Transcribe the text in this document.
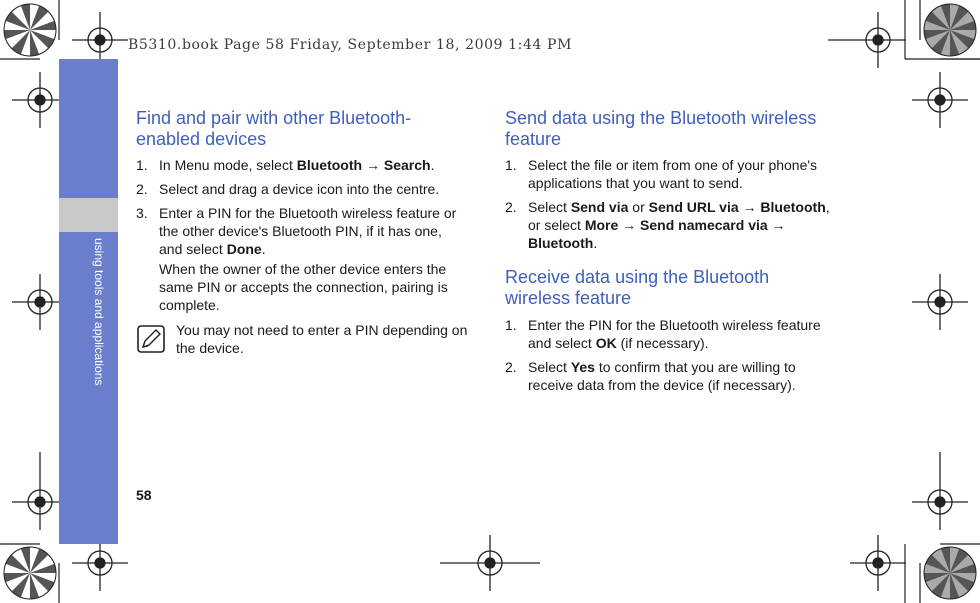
B5310.book Page 58 Friday, September 18, 2009 1:44 PM
using tools and applications
58
Find and pair with other Bluetooth-
enabled devices
1. In Menu mode, select Bluetooth → Search.
2. Select and drag a device icon into the centre.
3. Enter a PIN for the Bluetooth wireless feature or
the other device's Bluetooth PIN, if it has one,
and select Done.
When the owner of the other device enters the
same PIN or accepts the connection, pairing is
complete.
You may not need to enter a PIN depending on
the device.
Send data using the Bluetooth wireless
feature
1. Select the file or item from one of your phone's
applications that you want to send.
2. Select Send via or Send URL via → Bluetooth,
or select More → Send namecard via →
Bluetooth.
Receive data using the Bluetooth
wireless feature
1. Enter the PIN for the Bluetooth wireless feature
and select OK (if necessary).
2. Select Yes to confirm that you are willing to
receive data from the device (if necessary).
